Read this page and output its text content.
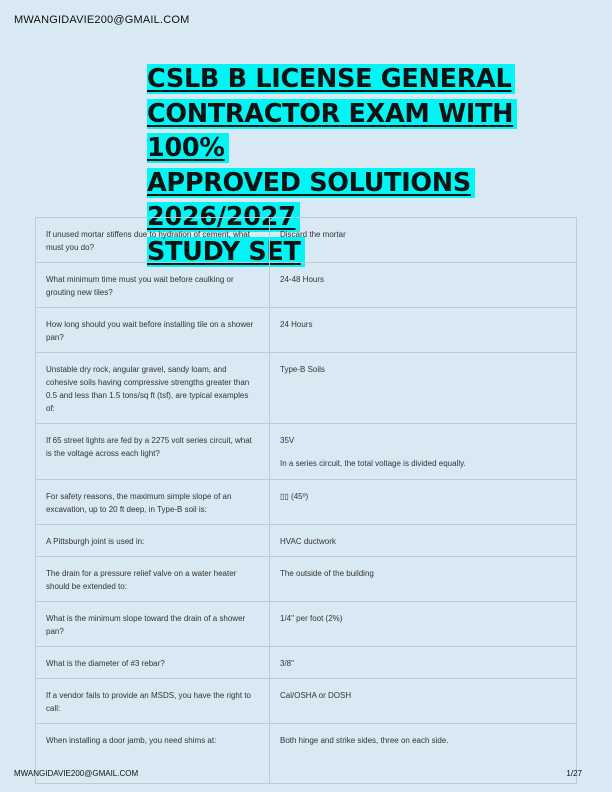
MWANGIDAVIE200@GMAIL.COM
CSLB B LICENSE GENERAL
CONTRACTOR EXAM WITH 100%
APPROVED SOLUTIONS 2026/2027
STUDY SET
If unused mortar stiffens due to hydration of cement, what must you do?	Discard the mortar
What minimum time must you wait before caulking or grouting new tiles?	24-48 Hours
How long should you wait before installing tile on a shower pan?	24 Hours
Unstable dry rock, angular gravel, sandy loam, and cohesive soils having compressive strengths greater than 0.5 and less than 1.5 tons/sq ft (tsf), are typical examples of:	Type-B Soils
If 65 street lights are fed by a 2275 volt series circuit, what is the voltage across each light?	35V
In a series circuit, the total voltage is divided equally.

For safety reasons, the maximum simple slope of an excavation, up to 20 ft deep, in Type-B soil is:	▯▯ (45º)
A Pittsburgh joint is used in:	HVAC ductwork
The drain for a pressure relief valve on a water heater should be extended to:	The outside of the building
What is the minimum slope toward the drain of a shower pan?	1/4" per foot (2%)
What is the diameter of #3 rebar?	3/8"
If a vendor fails to provide an MSDS, you have the right to call:	Cal/OSHA or DOSH
When installing a door jamb, you need shims at:	Both hinge and strike sides, three on each side.
MWANGIDAVIE200@GMAIL.COM	1/27
